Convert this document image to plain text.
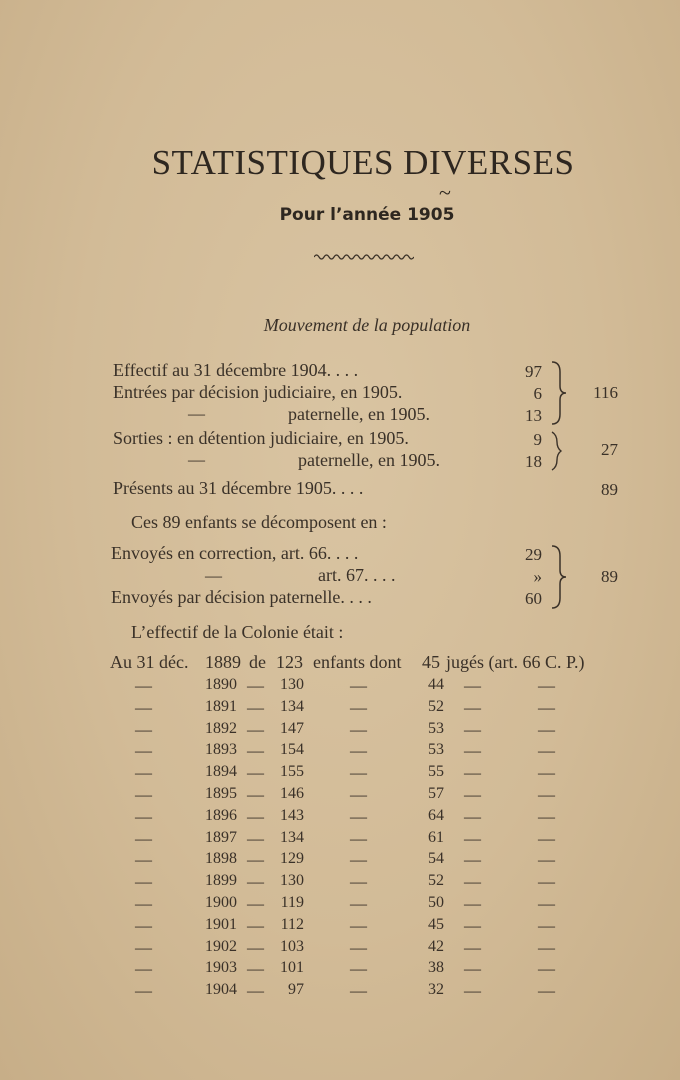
STATISTIQUES DIVERSES
~
Pour l’année 1905
Mouvement de la population
Effectif au 31 décembre 1904. . . .	97
Entrées par décision judiciaire, en 1905.	6
—	paternelle, en 1905.	13
116
Sorties : en détention judiciaire, en 1905.	9
—	paternelle, en 1905.	18
27
Présents au 31 décembre 1905. . . .	89
Ces 89 enfants se décomposent en :
Envoyés en correction, art. 66. . . .	29
—	art. 67. . . .	»
Envoyés par décision paternelle. . . .	60
89
L’effectif de la Colonie était :
Au 31 déc. 1889 de 123 enfants dont 45 jugés (art. 66 C. P.)
—	1890 —	130	—	44 —	—
—	1891 —	134	—	52 —	—
—	1892 —	147	—	53 —	—
—	1893 —	154	—	53 —	—
—	1894 —	155	—	55 —	—
—	1895 —	146	—	57 —	—
—	1896 —	143	—	64 —	—
—	1897 —	134	—	61 —	—
—	1898 —	129	—	54 —	—
—	1899 —	130	—	52 —	—
—	1900 —	119	—	50 —	—
—	1901 —	112	—	45 —	—
—	1902 —	103	—	42 —	—
—	1903 —	101	—	38 —	—
—	1904 —	97	—	32 —	—
